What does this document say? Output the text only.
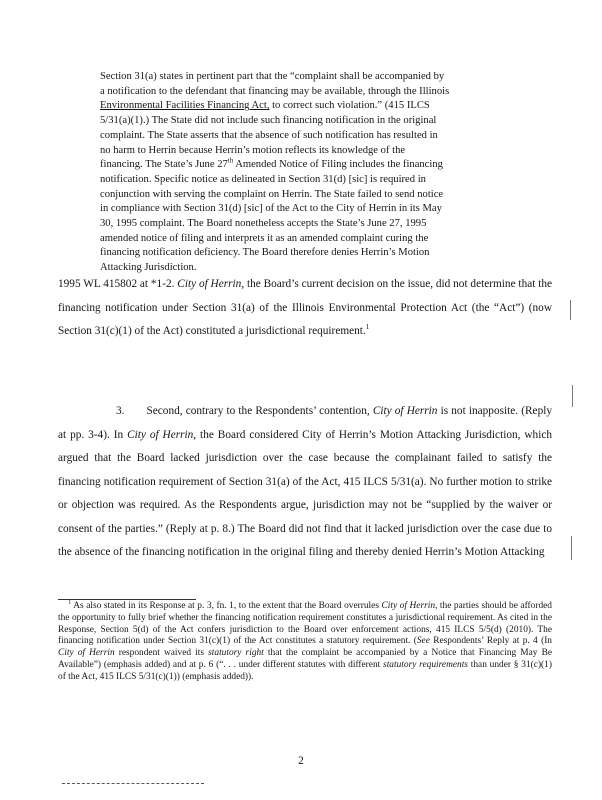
Section 31(a) states in pertinent part that the “complaint shall be accompanied by

a notification to the defendant that financing may be available, through the Illinois

Environmental Facilities Financing Act, to correct such violation.” (415 ILCS

5/31(a)(1).) The State did not include such financing notification in the original

complaint. The State asserts that the absence of such notification has resulted in

no harm to Herrin because Herrin’s motion reflects its knowledge of the

financing. The State’s June 27th Amended Notice of Filing includes the financing

notification. Specific notice as delineated in Section 31(d) [sic] is required in

conjunction with serving the complaint on Herrin. The State failed to send notice

in compliance with Section 31(d) [sic] of the Act to the City of Herrin in its May

30, 1995 complaint. The Board nonetheless accepts the State’s June 27, 1995

amended notice of filing and interprets it as an amended complaint curing the

financing notification deficiency. The Board therefore denies Herrin’s Motion

Attacking Jurisdiction.

1995 WL 415802 at *1-2. City of Herrin, the Board’s current decision on the issue, did not determine that the financing notification under Section 31(a) of the Illinois Environmental Protection Act (the “Act”) (now Section 31(c)(1) of the Act) constituted a jurisdictional requirement.$^1$

3. Second, contrary to the Respondents’ contention, City of Herrin is not inapposite. (Reply at pp. 3-4). In City of Herrin, the Board considered City of Herrin’s Motion Attacking Jurisdiction, which argued that the Board lacked jurisdiction over the case because the complainant failed to satisfy the financing notification requirement of Section 31(a) of the Act, 415 ILCS 5/31(a). No further motion to strike or objection was required. As the Respondents argue, jurisdiction may not be “supplied by the waiver or consent of the parties.” (Reply at p. 8.) The Board did not find that it lacked jurisdiction over the case due to the absence of the financing notification in the original filing and thereby denied Herrin’s Motion Attacking

$^1$ As also stated in its Response at p. 3, fn. 1, to the extent that the Board overrules City of Herrin, the parties should be afforded the opportunity to fully brief whether the financing notification requirement constitutes a jurisdictional requirement. As cited in the Response, Section 5(d) of the Act confers jurisdiction to the Board over enforcement actions, 415 ILCS 5/5(d) (2010). The financing notification under Section 31(c)(1) of the Act constitutes a statutory requirement. (See Respondents’ Reply at p. 4 (In City of Herrin respondent waived its statutory right that the complaint be accompanied by a Notice that Financing May Be Available”) (emphasis added) and at p. 6 (“. . . under different statutes with different statutory requirements than under § 31(c)(1) of the Act, 415 ILCS 5/31(c)(1)) (emphasis added)).

2
